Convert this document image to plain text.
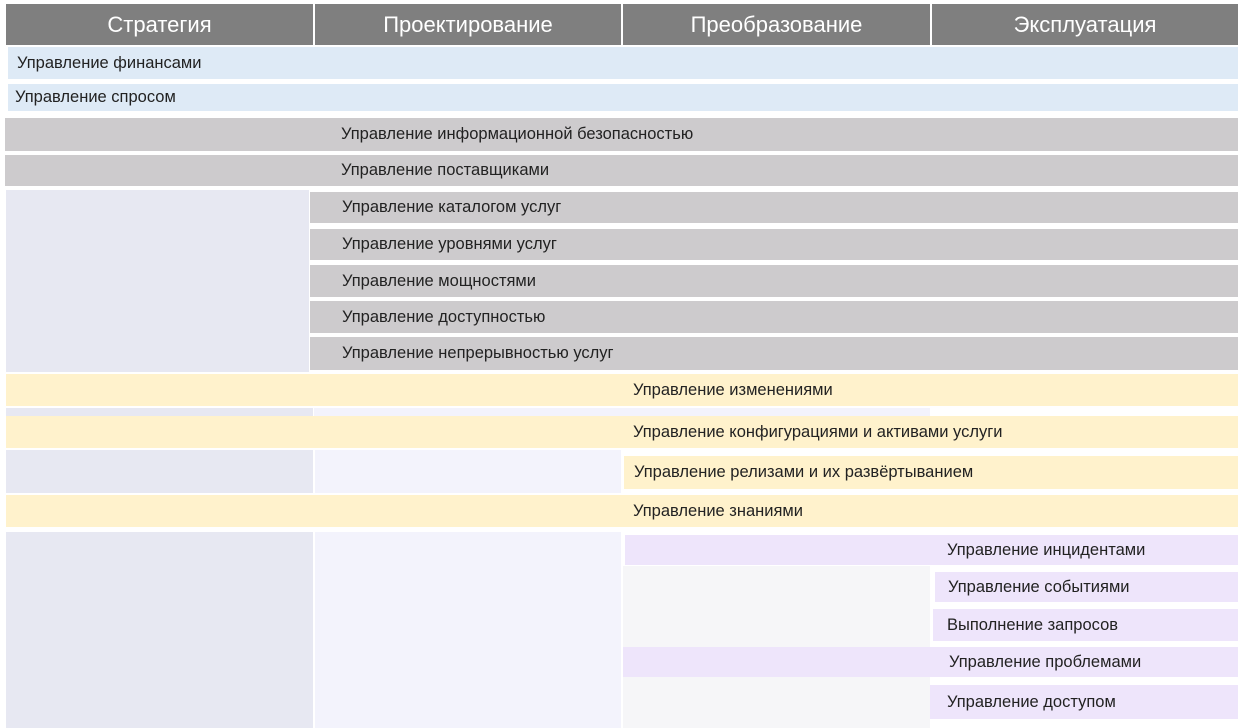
Стратегия	Проектирование	Преобразование	Эксплуатация
Управление финансами
Управление спросом
Управление информационной безопасностью
Управление поставщиками
Управление каталогом услуг
Управление уровнями услуг
Управление мощностями
Управление доступностью
Управление непрерывностью услуг
Управление изменениями
Управление конфигурациями и активами услуги
Управление релизами и их развёртыванием
Управление знаниями
Управление инцидентами
Управление событиями
Выполнение запросов
Управление проблемами
Управление доступом
